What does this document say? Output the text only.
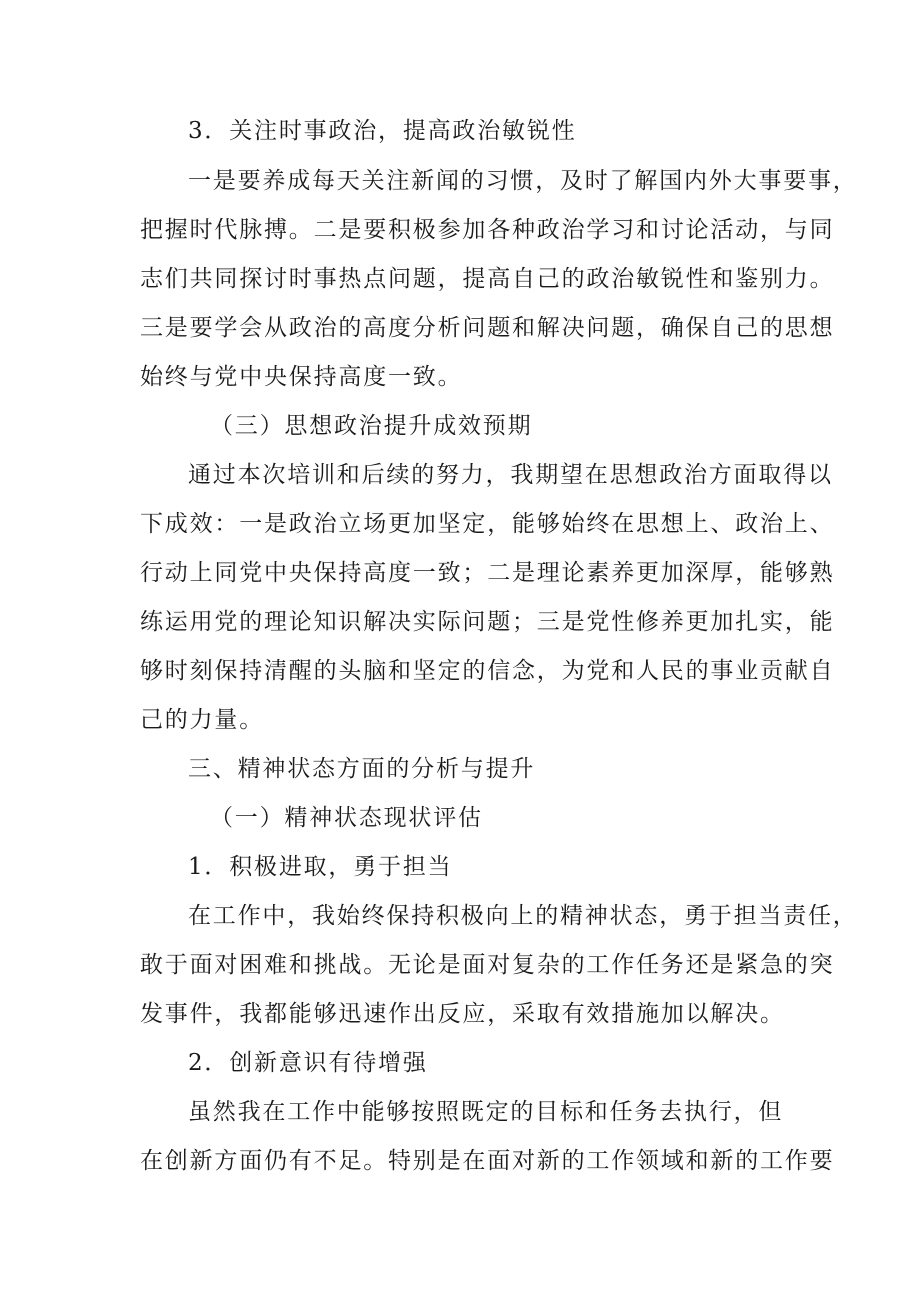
3．关注时事政治，提高政治敏锐性
一是要养成每天关注新闻的习惯，及时了解国内外大事要事，
把握时代脉搏。二是要积极参加各种政治学习和讨论活动，与同
志们共同探讨时事热点问题，提高自己的政治敏锐性和鉴别力。
三是要学会从政治的高度分析问题和解决问题，确保自己的思想
始终与党中央保持高度一致。
（三）思想政治提升成效预期
通过本次培训和后续的努力，我期望在思想政治方面取得以
下成效：一是政治立场更加坚定，能够始终在思想上、政治上、
行动上同党中央保持高度一致；二是理论素养更加深厚，能够熟
练运用党的理论知识解决实际问题；三是党性修养更加扎实，能
够时刻保持清醒的头脑和坚定的信念，为党和人民的事业贡献自
己的力量。
三、精神状态方面的分析与提升
（一）精神状态现状评估
1．积极进取，勇于担当
在工作中，我始终保持积极向上的精神状态，勇于担当责任，
敢于面对困难和挑战。无论是面对复杂的工作任务还是紧急的突
发事件，我都能够迅速作出反应，采取有效措施加以解决。
2．创新意识有待增强
虽然我在工作中能够按照既定的目标和任务去执行，但
在创新方面仍有不足。特别是在面对新的工作领域和新的工作要
